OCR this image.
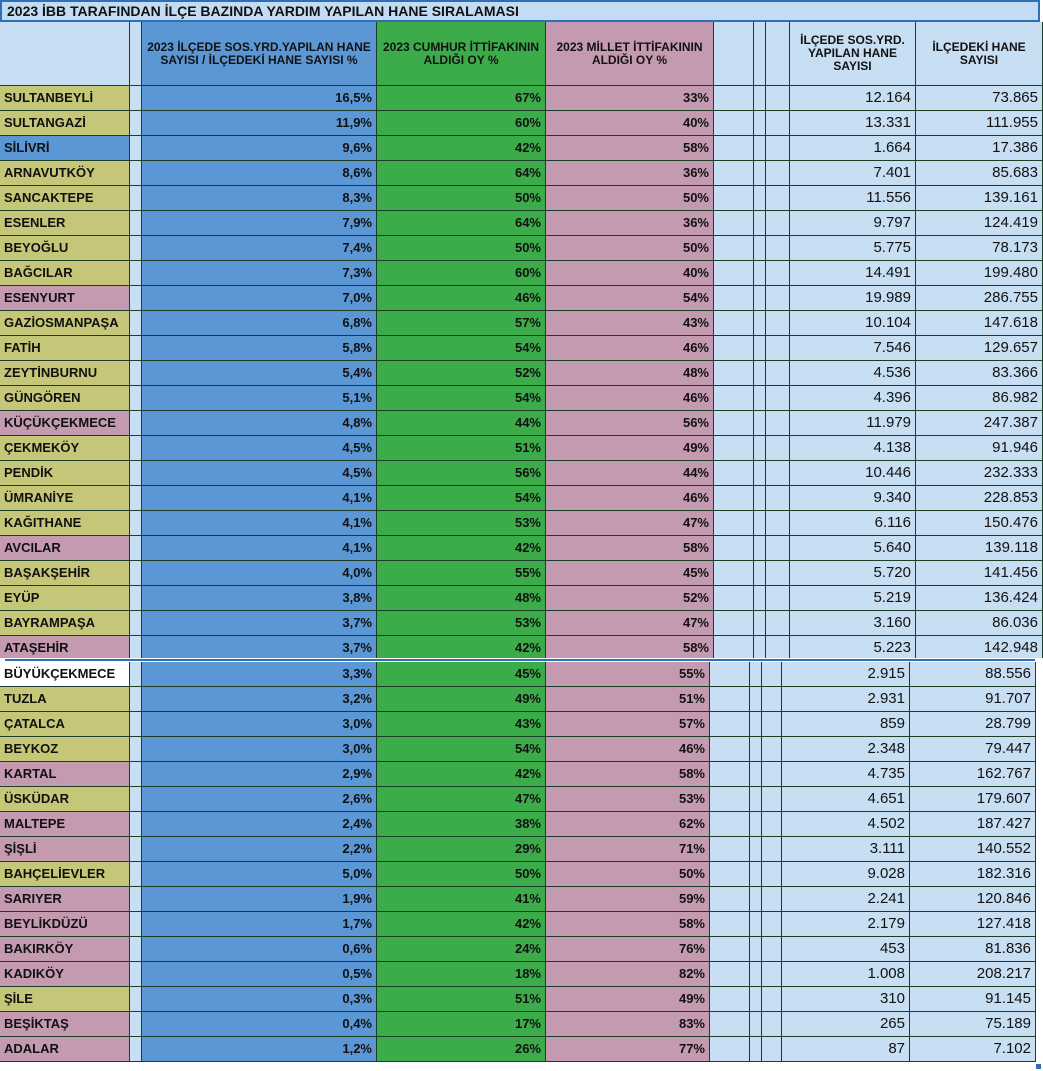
2023 İBB TARAFINDAN İLÇE BAZINDA YARDIM YAPILAN HANE SIRALAMASI
2023 İLÇEDE SOS.YRD.YAPILAN HANE SAYISI / İLÇEDEKİ HANE SAYISI %
2023 CUMHUR İTTİFAKININ ALDIĞI OY %
2023 MİLLET İTTİFAKININ ALDIĞI OY %
İLÇEDE SOS.YRD. YAPILAN HANE SAYISI
İLÇEDEKİ HANE SAYISI
SULTANBEYLİ	16,5%	67%	33%	12.164	73.865
SULTANGAZİ	11,9%	60%	40%	13.331	111.955
SİLİVRİ	9,6%	42%	58%	1.664	17.386
ARNAVUTKÖY	8,6%	64%	36%	7.401	85.683
SANCAKTEPE	8,3%	50%	50%	11.556	139.161
ESENLER	7,9%	64%	36%	9.797	124.419
BEYOĞLU	7,4%	50%	50%	5.775	78.173
BAĞCILAR	7,3%	60%	40%	14.491	199.480
ESENYURT	7,0%	46%	54%	19.989	286.755
GAZİOSMANPAŞA	6,8%	57%	43%	10.104	147.618
FATİH	5,8%	54%	46%	7.546	129.657
ZEYTİNBURNU	5,4%	52%	48%	4.536	83.366
GÜNGÖREN	5,1%	54%	46%	4.396	86.982
KÜÇÜKÇEKMECE	4,8%	44%	56%	11.979	247.387
ÇEKMEKÖY	4,5%	51%	49%	4.138	91.946
PENDİK	4,5%	56%	44%	10.446	232.333
ÜMRANİYE	4,1%	54%	46%	9.340	228.853
KAĞITHANE	4,1%	53%	47%	6.116	150.476
AVCILAR	4,1%	42%	58%	5.640	139.118
BAŞAKŞEHİR	4,0%	55%	45%	5.720	141.456
EYÜP	3,8%	48%	52%	5.219	136.424
BAYRAMPAŞA	3,7%	53%	47%	3.160	86.036
ATAŞEHİR	3,7%	42%	58%	5.223	142.948
BÜYÜKÇEKMECE	3,3%	45%	55%	2.915	88.556
TUZLA	3,2%	49%	51%	2.931	91.707
ÇATALCA	3,0%	43%	57%	859	28.799
BEYKOZ	3,0%	54%	46%	2.348	79.447
KARTAL	2,9%	42%	58%	4.735	162.767
ÜSKÜDAR	2,6%	47%	53%	4.651	179.607
MALTEPE	2,4%	38%	62%	4.502	187.427
ŞİŞLİ	2,2%	29%	71%	3.111	140.552
BAHÇELİEVLER	5,0%	50%	50%	9.028	182.316
SARIYER	1,9%	41%	59%	2.241	120.846
BEYLİKDÜZÜ	1,7%	42%	58%	2.179	127.418
BAKIRKÖY	0,6%	24%	76%	453	81.836
KADIKÖY	0,5%	18%	82%	1.008	208.217
ŞİLE	0,3%	51%	49%	310	91.145
BEŞİKTAŞ	0,4%	17%	83%	265	75.189
ADALAR	1,2%	26%	77%	87	7.102
